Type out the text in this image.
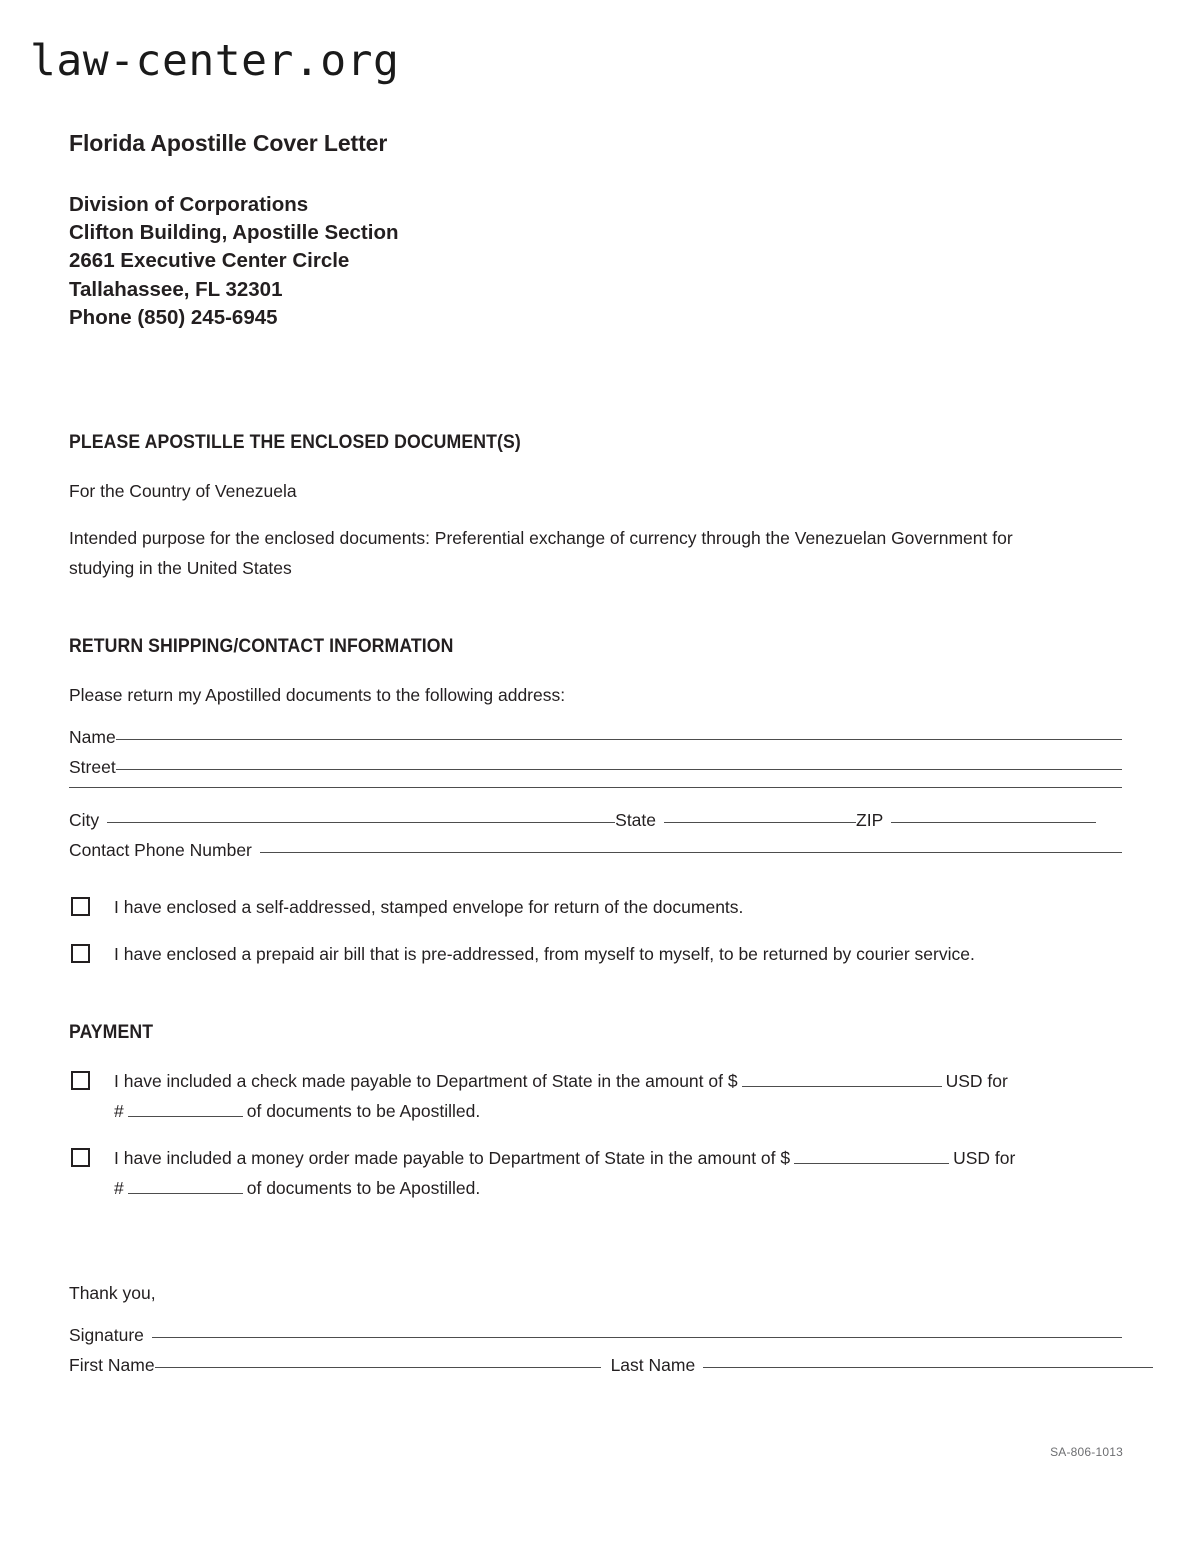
law-center.org
Florida Apostille Cover Letter
Division of Corporations
Clifton Building, Apostille Section
2661 Executive Center Circle
Tallahassee, FL 32301
Phone (850) 245-6945
PLEASE APOSTILLE THE ENCLOSED DOCUMENT(S)

For the Country of Venezuela

Intended purpose for the enclosed documents: Preferential exchange of currency through the Venezuelan Government for studying in the United States

RETURN SHIPPING/CONTACT INFORMATION

Please return my Apostilled documents to the following address:

Name
Street
City	State	ZIP
Contact Phone Number
I have enclosed a self-addressed, stamped envelope for return of the documents.
I have enclosed a prepaid air bill that is pre-addressed, from myself to myself, to be returned by courier service.
PAYMENT
I have included a check made payable to Department of State in the amount of $	USD for
#	of documents to be Apostilled.
I have included a money order made payable to Department of State in the amount of $	USD for
#	of documents to be Apostilled.

Thank you,

Signature
First Name	Last Name
SA-806-1013
